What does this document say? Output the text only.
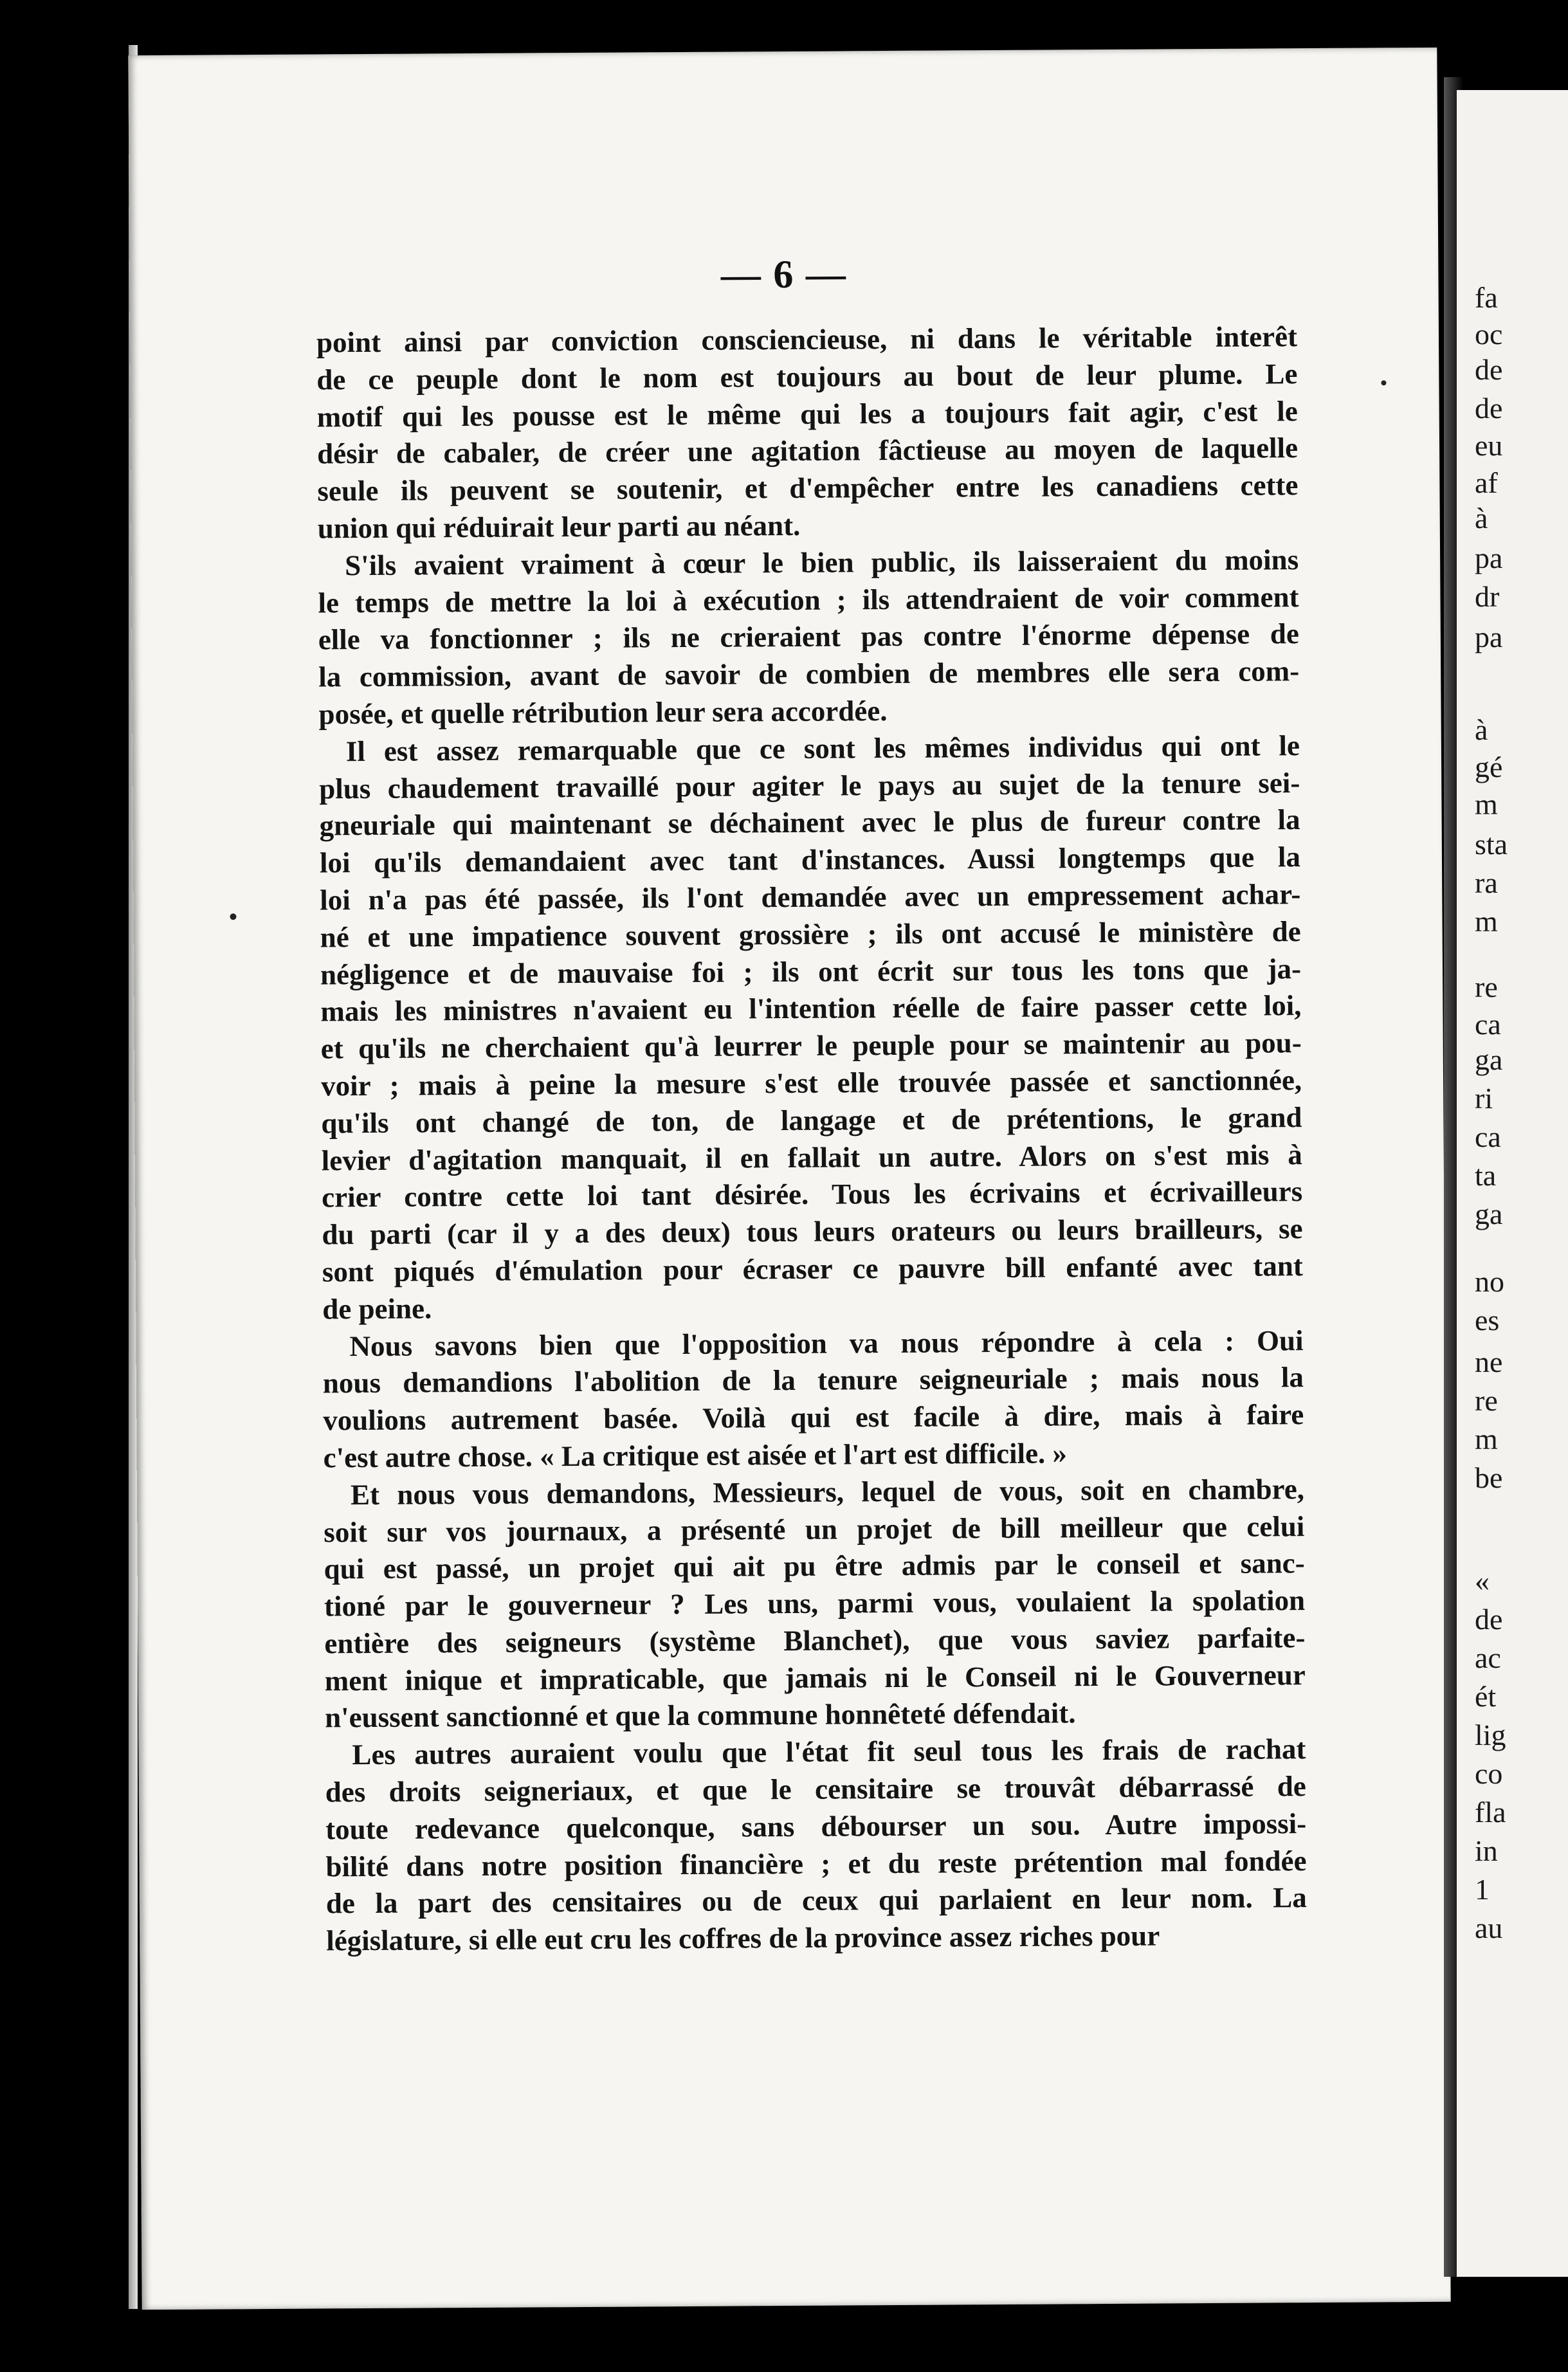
— 6 —

point ainsi par conviction consciencieuse, ni dans le véritable interêt
de ce peuple dont le nom est toujours au bout de leur plume. Le
motif qui les pousse est le même qui les a toujours fait agir, c'est le
désir de cabaler, de créer une agitation fâctieuse au moyen de laquelle
seule ils peuvent se soutenir, et d'empêcher entre les canadiens cette
union qui réduirait leur parti au néant.

S'ils avaient vraiment à cœur le bien public, ils laisseraient du moins
le temps de mettre la loi à exécution ; ils attendraient de voir comment
elle va fonctionner ; ils ne crieraient pas contre l'énorme dépense de
la commission, avant de savoir de combien de membres elle sera com-
posée, et quelle rétribution leur sera accordée.

Il est assez remarquable que ce sont les mêmes individus qui ont le
plus chaudement travaillé pour agiter le pays au sujet de la tenure sei-
gneuriale qui maintenant se déchainent avec le plus de fureur contre la
loi qu'ils demandaient avec tant d'instances. Aussi longtemps que la
loi n'a pas été passée, ils l'ont demandée avec un empressement achar-
né et une impatience souvent grossière ; ils ont accusé le ministère de
négligence et de mauvaise foi ; ils ont écrit sur tous les tons que ja-
mais les ministres n'avaient eu l'intention réelle de faire passer cette loi,
et qu'ils ne cherchaient qu'à leurrer le peuple pour se maintenir au pou-
voir ; mais à peine la mesure s'est elle trouvée passée et sanctionnée,
qu'ils ont changé de ton, de langage et de prétentions, le grand
levier d'agitation manquait, il en fallait un autre. Alors on s'est mis à
crier contre cette loi tant désirée. Tous les écrivains et écrivailleurs
du parti (car il y a des deux) tous leurs orateurs ou leurs brailleurs, se
sont piqués d'émulation pour écraser ce pauvre bill enfanté avec tant
de peine.

Nous savons bien que l'opposition va nous répondre à cela : Oui
nous demandions l'abolition de la tenure seigneuriale ; mais nous la
voulions autrement basée. Voilà qui est facile à dire, mais à faire
c'est autre chose. « La critique est aisée et l'art est difficile. »

Et nous vous demandons, Messieurs, lequel de vous, soit en chambre,
soit sur vos journaux, a présenté un projet de bill meilleur que celui
qui est passé, un projet qui ait pu être admis par le conseil et sanc-
tioné par le gouverneur ? Les uns, parmi vous, voulaient la spolation
entière des seigneurs (système Blanchet), que vous saviez parfaite-
ment inique et impraticable, que jamais ni le Conseil ni le Gouverneur
n'eussent sanctionné et que la commune honnêteté défendait.

Les autres auraient voulu que l'état fit seul tous les frais de rachat
des droits seigneriaux, et que le censitaire se trouvât débarrassé de
toute redevance quelconque, sans débourser un sou. Autre impossi-
bilité dans notre position financière ; et du reste prétention mal fondée
de la part des censitaires ou de ceux qui parlaient en leur nom. La
législature, si elle eut cru les coffres de la province assez riches pour

fa
oc
de
de
eu
af
à
pa
dr
pa
à
gé
m
sta
ra
m
re
ca
ga
ri
ca
ta
ga
no
es
ne
re
m
be
«
de
ac
ét
lig
co
fla
in
1
au
